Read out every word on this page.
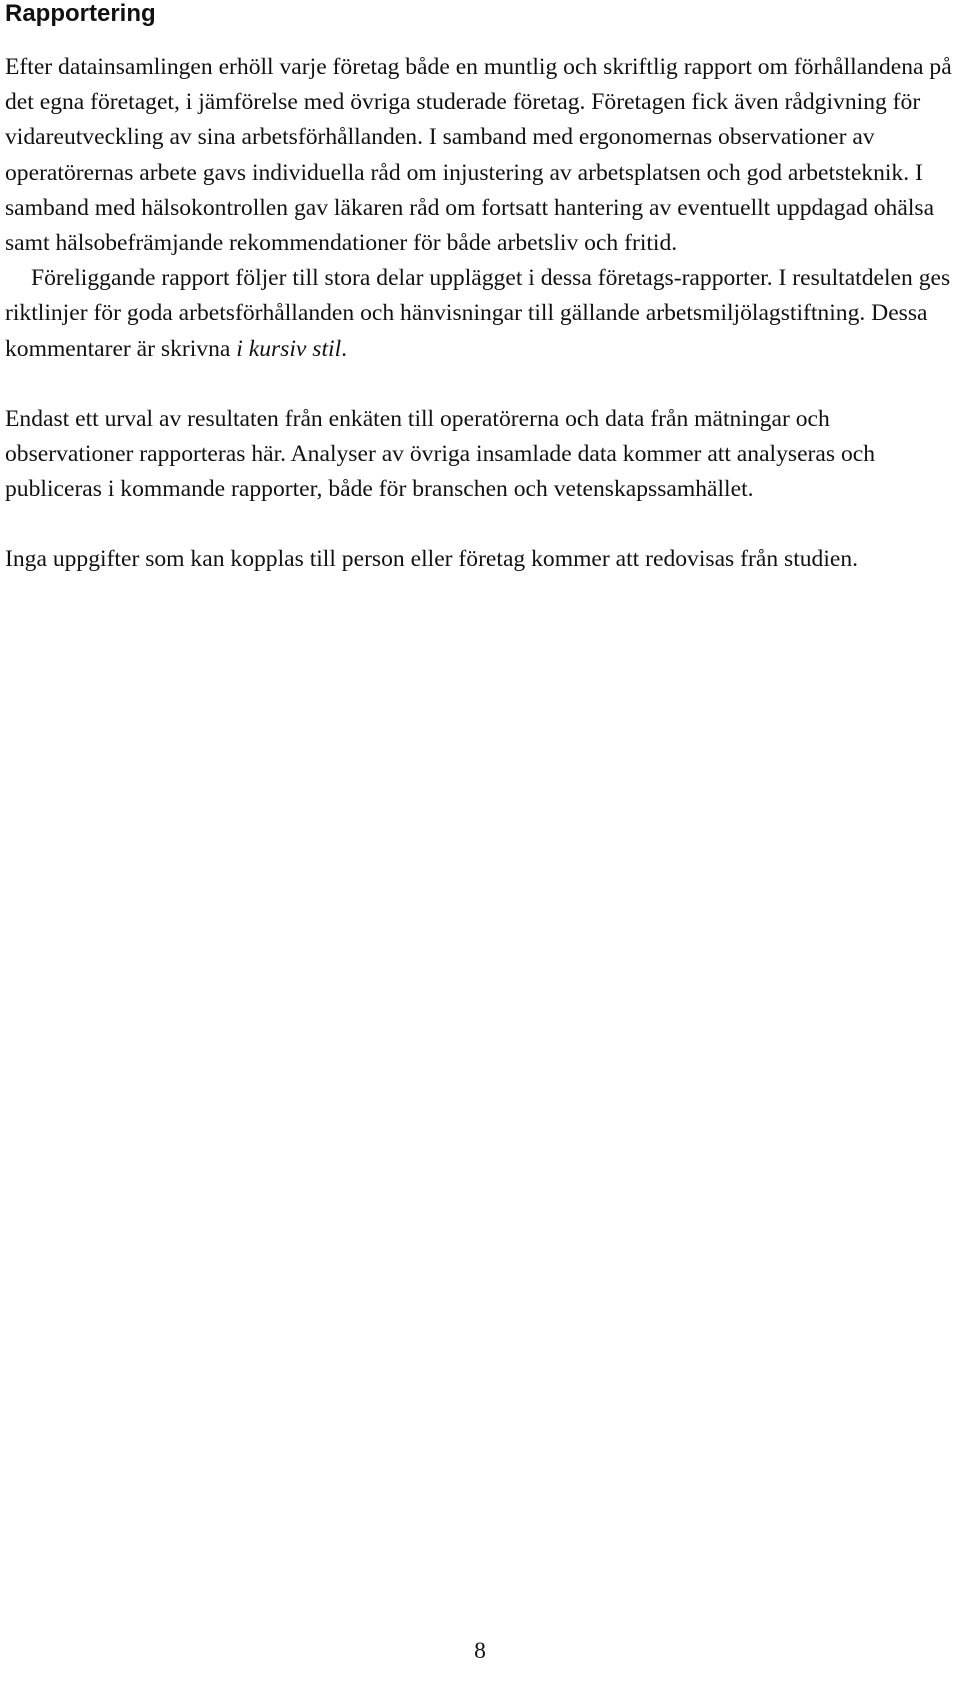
Rapportering

Efter datainsamlingen erhöll varje företag både en muntlig och skriftlig rapport om förhållandena på det egna företaget, i jämförelse med övriga studerade företag. Företagen fick även rådgivning för vidareutveckling av sina arbetsförhållanden. I samband med ergonomernas observationer av operatörernas arbete gavs individuella råd om injustering av arbetsplatsen och god arbetsteknik. I samband med hälsokontrollen gav läkaren råd om fortsatt hantering av eventuellt uppdagad ohälsa samt hälsobefrämjande rekommendationer för både arbetsliv och fritid.
Föreliggande rapport följer till stora delar upplägget i dessa företags-rapporter. I resultatdelen ges riktlinjer för goda arbetsförhållanden och hänvisningar till gällande arbetsmiljölagstiftning. Dessa kommentarer är skrivna i kursiv stil.

Endast ett urval av resultaten från enkäten till operatörerna och data från mätningar och observationer rapporteras här. Analyser av övriga insamlade data kommer att analyseras och publiceras i kommande rapporter, både för branschen och vetenskapssamhället.

Inga uppgifter som kan kopplas till person eller företag kommer att redovisas från studien.

8
